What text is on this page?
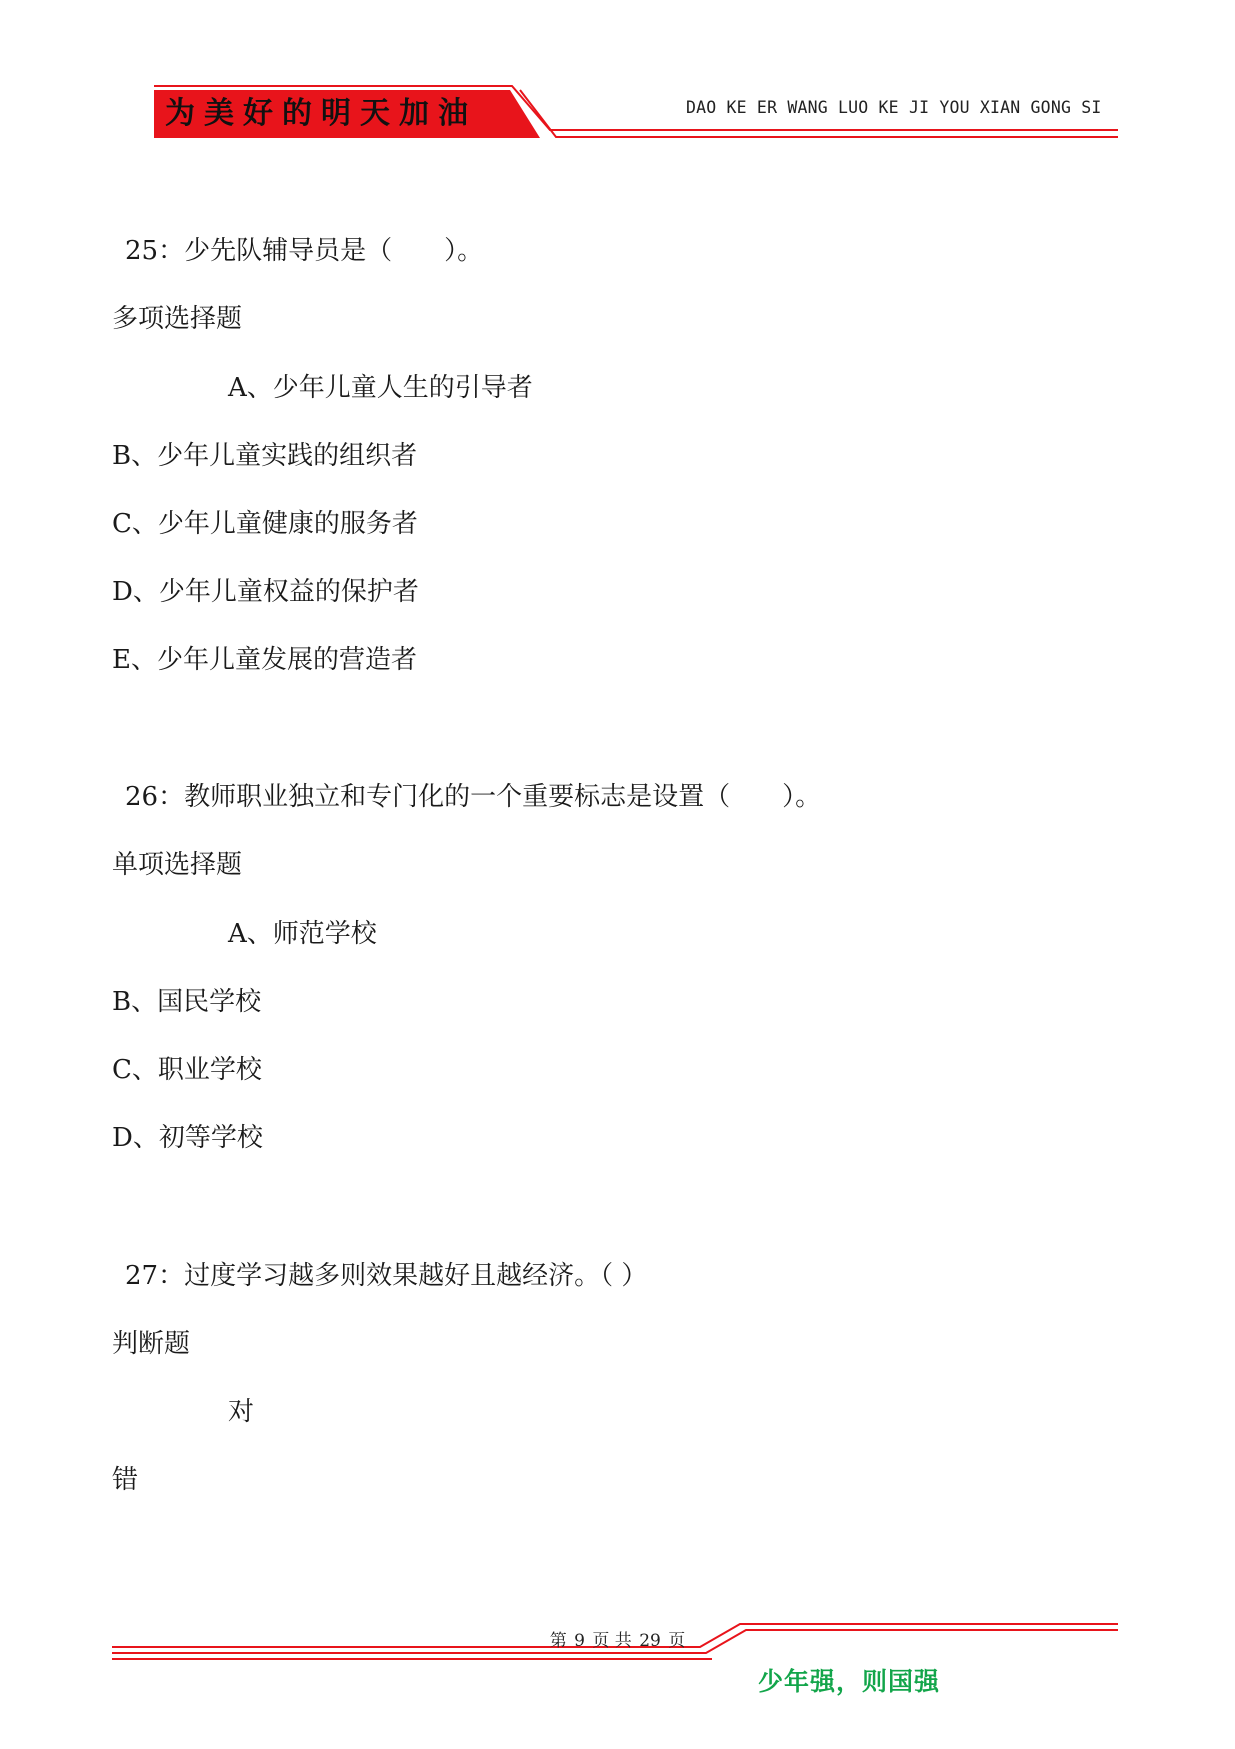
为美好的明天加油	DAO KE ER WANG LUO KE JI YOU XIAN GONG SI
25：少先队辅导员是（　　）。
多项选择题
A、少年儿童人生的引导者
B、少年儿童实践的组织者
C、少年儿童健康的服务者
D、少年儿童权益的保护者
E、少年儿童发展的营造者
26：教师职业独立和专门化的一个重要标志是设置（　　）。
单项选择题
A、师范学校
B、国民学校
C、职业学校
D、初等学校
27：过度学习越多则效果越好且越经济。（ ）
判断题
对
错
第 9 页 共 29 页
少年强，则国强
